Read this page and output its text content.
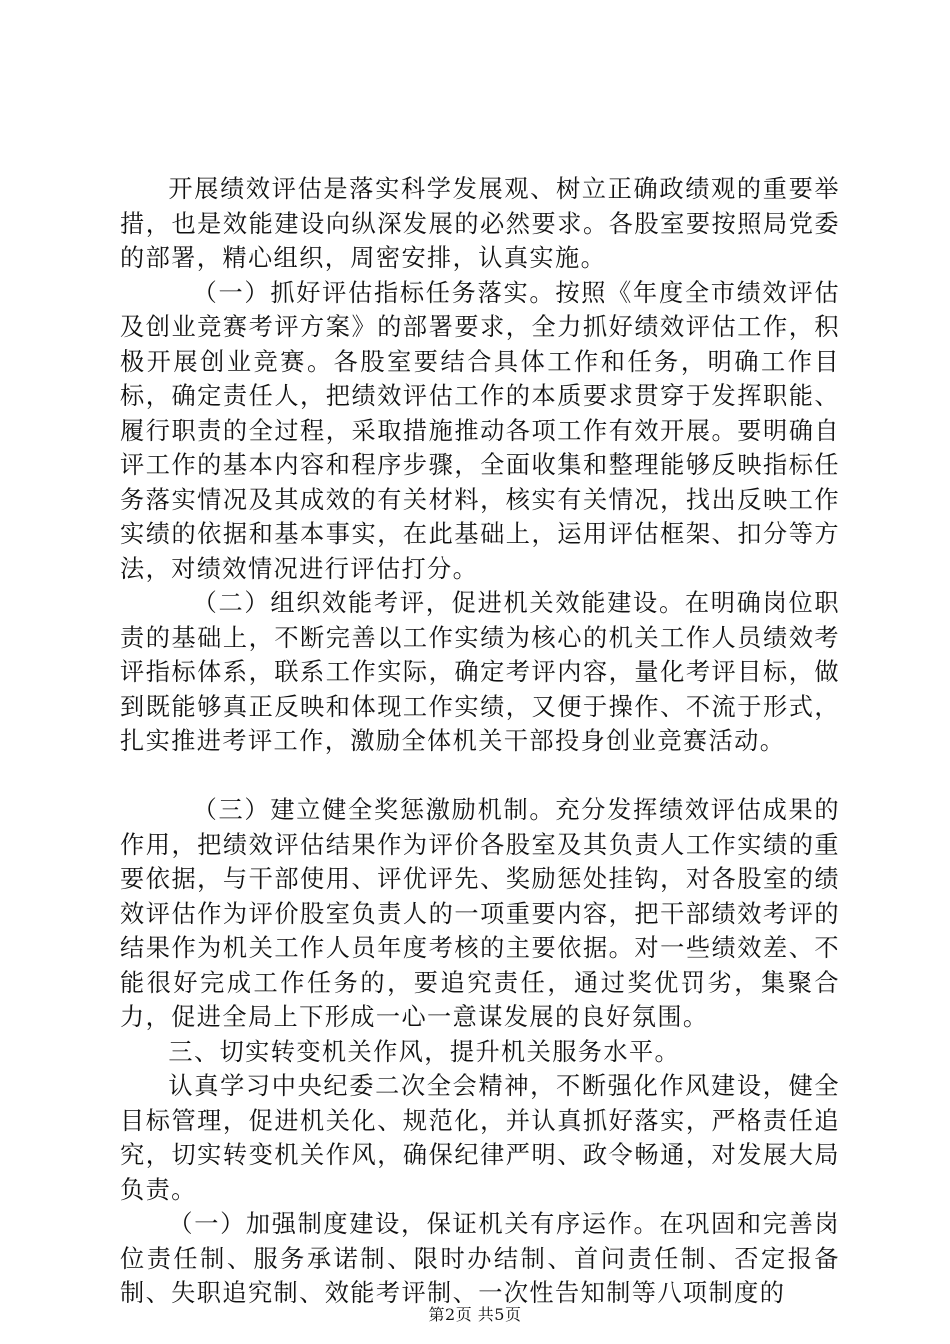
开展绩效评估是落实科学发展观、树立正确政绩观的重要举措，也是效能建设向纵深发展的必然要求。各股室要按照局党委的部署，精心组织，周密安排，认真实施。

（一）抓好评估指标任务落实。按照《年度全市绩效评估及创业竞赛考评方案》的部署要求，全力抓好绩效评估工作，积极开展创业竞赛。各股室要结合具体工作和任务，明确工作目标，确定责任人，把绩效评估工作的本质要求贯穿于发挥职能、履行职责的全过程，采取措施推动各项工作有效开展。要明确自评工作的基本内容和程序步骤，全面收集和整理能够反映指标任务落实情况及其成效的有关材料，核实有关情况，找出反映工作实绩的依据和基本事实，在此基础上，运用评估框架、扣分等方法，对绩效情况进行评估打分。

（二）组织效能考评，促进机关效能建设。在明确岗位职责的基础上，不断完善以工作实绩为核心的机关工作人员绩效考评指标体系，联系工作实际，确定考评内容，量化考评目标，做到既能够真正反映和体现工作实绩，又便于操作、不流于形式，扎实推进考评工作，激励全体机关干部投身创业竞赛活动。

（三）建立健全奖惩激励机制。充分发挥绩效评估成果的作用，把绩效评估结果作为评价各股室及其负责人工作实绩的重要依据，与干部使用、评优评先、奖励惩处挂钩，对各股室的绩效评估作为评价股室负责人的一项重要内容，把干部绩效考评的结果作为机关工作人员年度考核的主要依据。对一些绩效差、不能很好完成工作任务的，要追究责任，通过奖优罚劣，集聚合力，促进全局上下形成一心一意谋发展的良好氛围。

三、切实转变机关作风，提升机关服务水平。

认真学习中央纪委二次全会精神，不断强化作风建设，健全目标管理，促进机关化、规范化，并认真抓好落实，严格责任追究，切实转变机关作风，确保纪律严明、政令畅通，对发展大局负责。

（一）加强制度建设，保证机关有序运作。在巩固和完善岗位责任制、服务承诺制、限时办结制、首问责任制、否定报备制、失职追究制、效能考评制、一次性告知制等八项制度的

第2页 共5页
